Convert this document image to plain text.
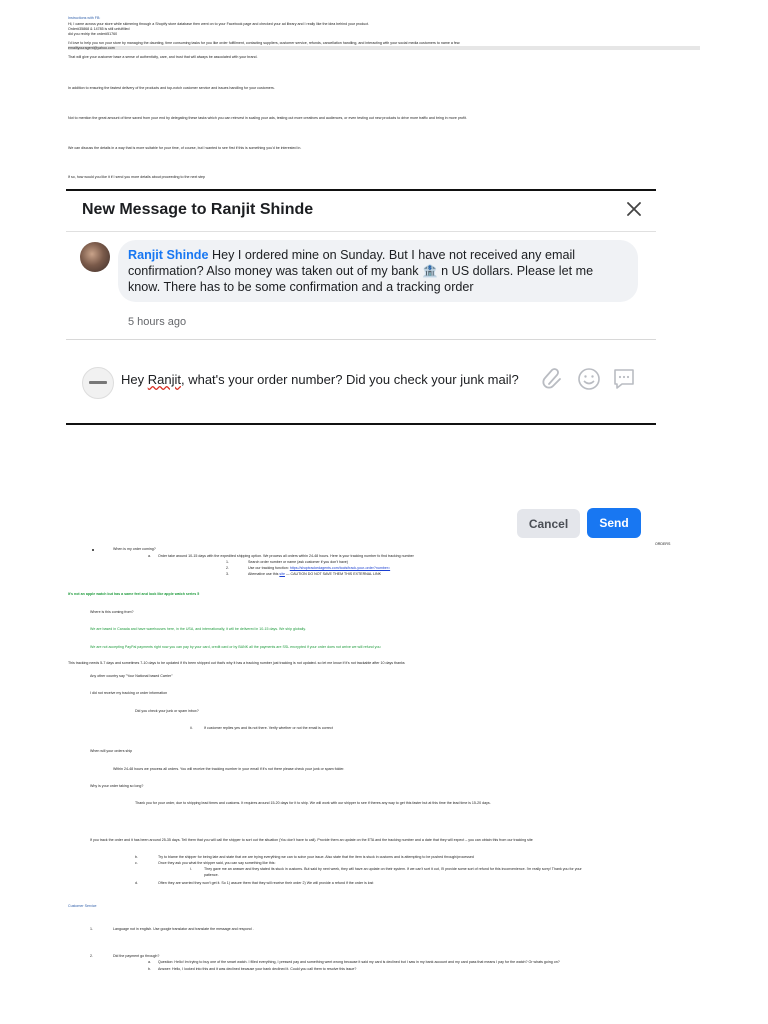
Instructions with FB:
Hi, I came across your store while skimming through a Shopify store database then went on to your Facebook page and checked your ad library and I really like the idea behind your product.
Order#35868 & 14785 is still unfulfilled
did you redrip the order#51760
I'd love to help you run your store by managing the daunting, time consuming tasks for you like order fulfillment, contacting suppliers, customer service, refunds, cancellation handling, and interacting with your social media customers to name a few.
emailtyouragent@yahoo.com
That will give your customer base a sense of authenticity, care, and trust that will always be associated with your brand.
In addition to ensuring the fastest delivery of the products and top-notch customer service and issues handling for your customers.
Not to mention the great amount of time saved from your end by delegating these tasks which you can reinvest in scaling your ads, testing out more creatives and audiences, or even testing out new products to drive more traffic and bring in more profit.
We can discuss the details in a way that is more suitable for your time, of course, but I wanted to see first if this is something you'd be interested in.
If so, how would you like it if I send you more details about proceeding to the next step
New Message to Ranjit Shinde
Ranjit Shinde Hey I ordered mine on Sunday. But I have not received any email confirmation? Also money was taken out of my bank 🏦 n US dollars. Please let me know. There has to be some confirmation and a tracking order
5 hours ago
Hey Ranjit, what's your order number? Did you check your junk mail?
Cancel	Send
ORDERS
When is my order coming?
a. Order take around 10-15 days with the expedited shipping option. We process all orders within 24-48 hours. Here is your tracking number fo find tracking number
1.	Search order number or name (ask customer if you don't have)
2.	Use our tracking function: https://shoptrackedagents.com/tools/track-your-order?number=
3.	Alternative use this site — CAUTION DO NOT SAVE THEM THIS EXTERNAL LINK
It's not an apple watch but has a same feel and look like apple watch series 5
Where is this coming from?
We are based in Canada and have warehouses here, in the USA, and internationally, it will be delivered in 10-15 days. We ship globally.
We are not accepting PayPal payments right now you can pay by your card, credit card or by BANK all the payments are SSL encrypted if your order does not arrive we will refund you
This tracking needs 5-7 days and sometimes 7-10 days to be updated if it's been shipped out that's why it has a tracking number just tracking is not updated. so let me know if it's not trackable after 10 days thanks
Any other country say "Your National based Carrier"
I did not receive my tracking or order information
Did you check your junk or spam inbox?
ii.	If customer replies yes and its not there. Verify whether or not the email is correct
When will your orders ship
Within 24-48 hours we process all orders. You will receive the tracking number in your email if it's not there please check your junk or spam folder.
Why is your order taking so long?
Thank you for your order, due to shipping lead times and customs. It requires around 15-20 days for it to ship. We will work with our shipper to see if theres any way to get this faster but at this time the lead time is 15-20 days.
If you track the order and it has been around 25-35 days. Tell them that you will call the shipper to sort out the situation (You don't have to call). Provide them an update on the ETA and the tracking number and a date that they will expect – you can obtain this from our tracking site
b.	Try to blame the shipper for being late and state that we are trying everything we can to solve your issue. Also state that the item is stuck in customs and is attempting to be pushed through/processed
c.	Once they ask you what the shipper said, you can say something like this:
i.	They gave me an answer and they stated its stuck in customs. But said by next week, they will have an update on their system. If we can't sort it out, I'll provide some sort of refund for this inconvenience. I'm really sorry! Thank you for your
patience.
d.	Often they are worried they won't get it. So 1) assure them that they will receive their order 2) We will provide a refund if the order is lost
Customer Service
1.	Language not in english. Use google translator and translate the message and respond .
2.	Did the payment go through?
a. Question: Hello! Im trying to buy one of the smart watch. I filled everything, I pressed pay and something went wrong because it said my card is declined but I saw in my bank account and my card pass that means I pay for the watch? Or whats going on?
b. Answer: Hello, I looked into this and it was declined because your bank declined it. Could you call them to resolve this issue?
